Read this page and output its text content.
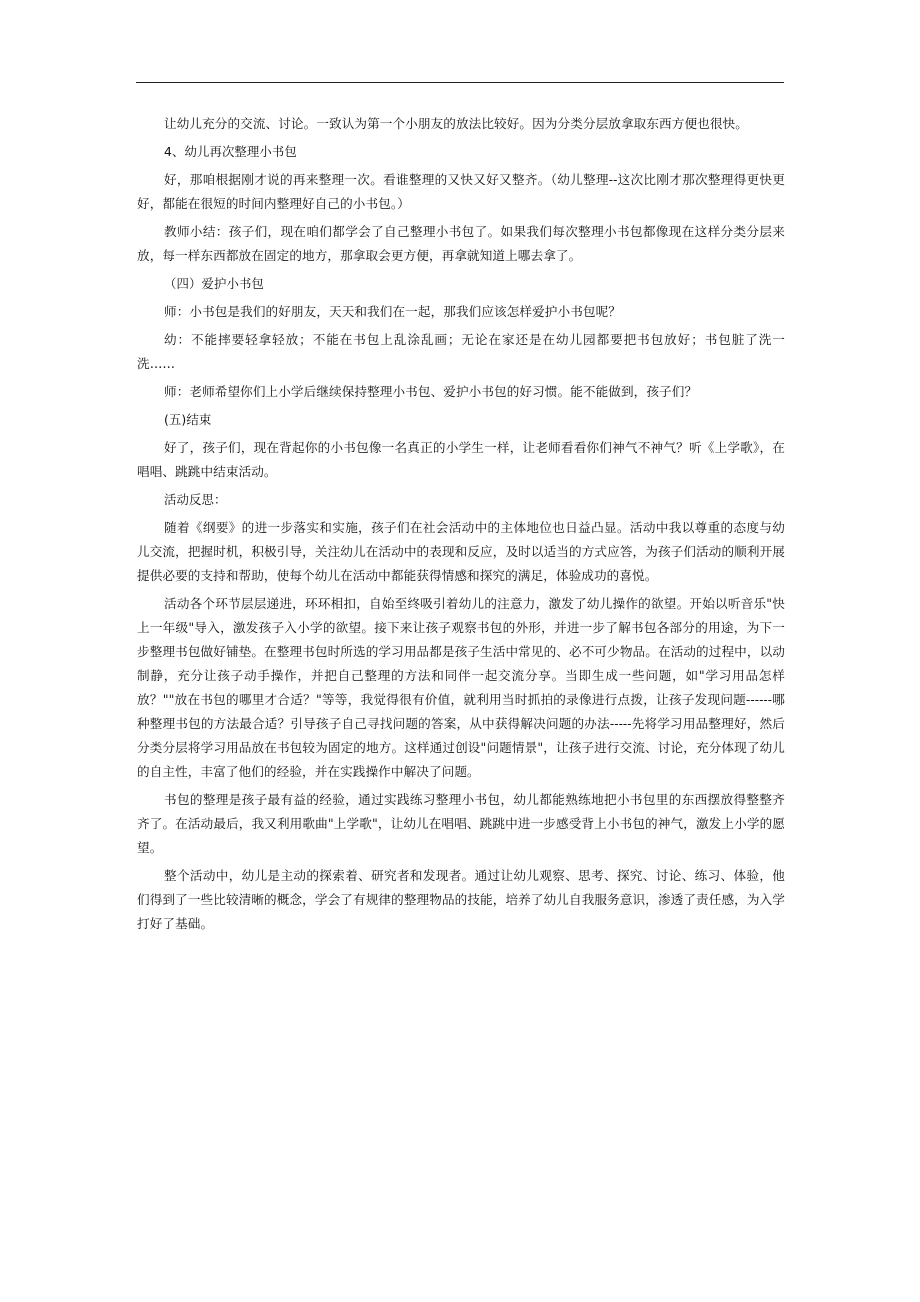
让幼儿充分的交流、讨论。一致认为第一个小朋友的放法比较好。因为分类分层放拿取东西方便也很快。

4、幼儿再次整理小书包

好，那咱根据刚才说的再来整理一次。看谁整理的又快又好又整齐。（幼儿整理--这次比刚才那次整理得更快更好，都能在很短的时间内整理好自己的小书包。）

教师小结：孩子们，现在咱们都学会了自己整理小书包了。如果我们每次整理小书包都像现在这样分类分层来放，每一样东西都放在固定的地方，那拿取会更方便，再拿就知道上哪去拿了。

（四）爱护小书包

师：小书包是我们的好朋友，天天和我们在一起，那我们应该怎样爱护小书包呢？

幼：不能摔要轻拿轻放；不能在书包上乱涂乱画；无论在家还是在幼儿园都要把书包放好；书包脏了洗一洗……

师：老师希望你们上小学后继续保持整理小书包、爱护小书包的好习惯。能不能做到，孩子们？

(五)结束

好了，孩子们，现在背起你的小书包像一名真正的小学生一样，让老师看看你们神气不神气？听《上学歌》，在唱唱、跳跳中结束活动。

活动反思：

随着《纲要》的进一步落实和实施，孩子们在社会活动中的主体地位也日益凸显。活动中我以尊重的态度与幼儿交流，把握时机，积极引导，关注幼儿在活动中的表现和反应，及时以适当的方式应答，为孩子们活动的顺利开展提供必要的支持和帮助，使每个幼儿在活动中都能获得情感和探究的满足，体验成功的喜悦。

活动各个环节层层递进，环环相扣，自始至终吸引着幼儿的注意力，激发了幼儿操作的欲望。开始以听音乐"快上一年级"导入，激发孩子入小学的欲望。接下来让孩子观察书包的外形，并进一步了解书包各部分的用途，为下一步整理书包做好铺垫。在整理书包时所选的学习用品都是孩子生活中常见的、必不可少物品。在活动的过程中，以动制静，充分让孩子动手操作，并把自己整理的方法和同伴一起交流分享。当即生成一些问题，如"学习用品怎样放？""放在书包的哪里才合适？"等等，我觉得很有价值，就利用当时抓拍的录像进行点拨，让孩子发现问题------哪种整理书包的方法最合适？引导孩子自己寻找问题的答案，从中获得解决问题的办法-----先将学习用品整理好，然后分类分层将学习用品放在书包较为固定的地方。这样通过创设"问题情景"，让孩子进行交流、讨论，充分体现了幼儿的自主性，丰富了他们的经验，并在实践操作中解决了问题。

书包的整理是孩子最有益的经验，通过实践练习整理小书包，幼儿都能熟练地把小书包里的东西摆放得整整齐齐了。在活动最后，我又利用歌曲"上学歌"，让幼儿在唱唱、跳跳中进一步感受背上小书包的神气，激发上小学的愿望。

整个活动中，幼儿是主动的探索着、研究者和发现者。通过让幼儿观察、思考、探究、讨论、练习、体验，他们得到了一些比较清晰的概念，学会了有规律的整理物品的技能，培养了幼儿自我服务意识，渗透了责任感，为入学打好了基础。
